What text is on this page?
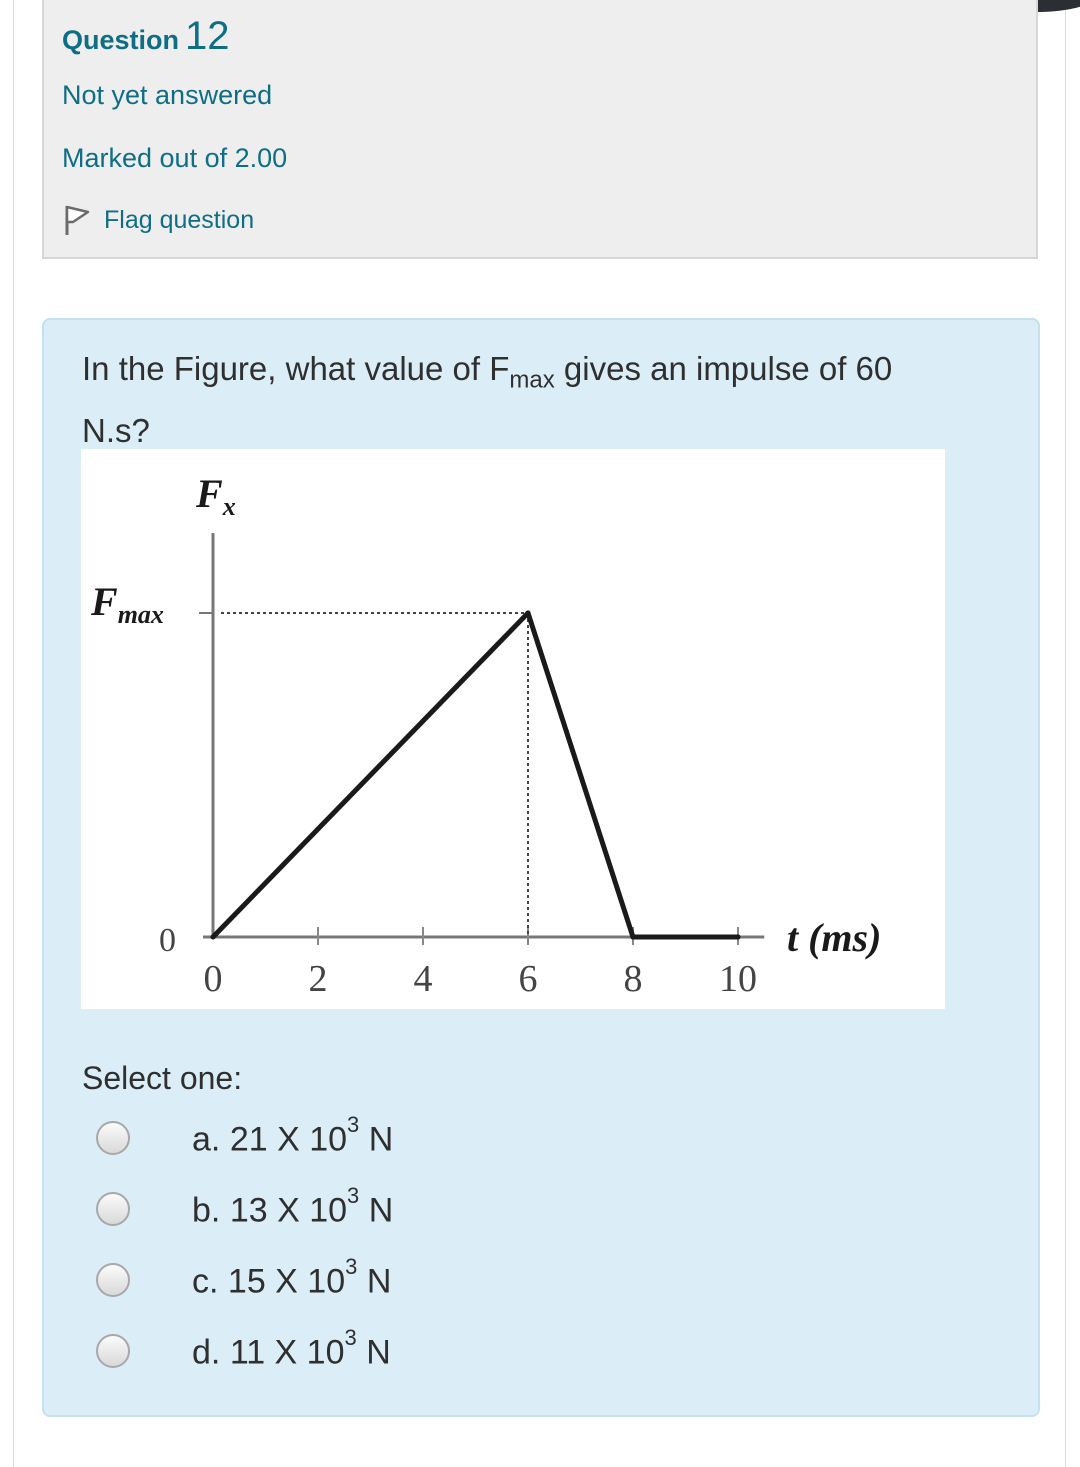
Question 12
Not yet answered
Marked out of 2.00
Flag question
In the Figure, what value of $F_{max}$ gives an impulse of 60 N.s?
$F_x$
$F_{max}$
0	t (ms)
0 2 4 6 8 10
Select one:
a. 21 X $10^3$ N
b. 13 X $10^3$ N
c. 15 X $10^3$ N
d. 11 X $10^3$ N
